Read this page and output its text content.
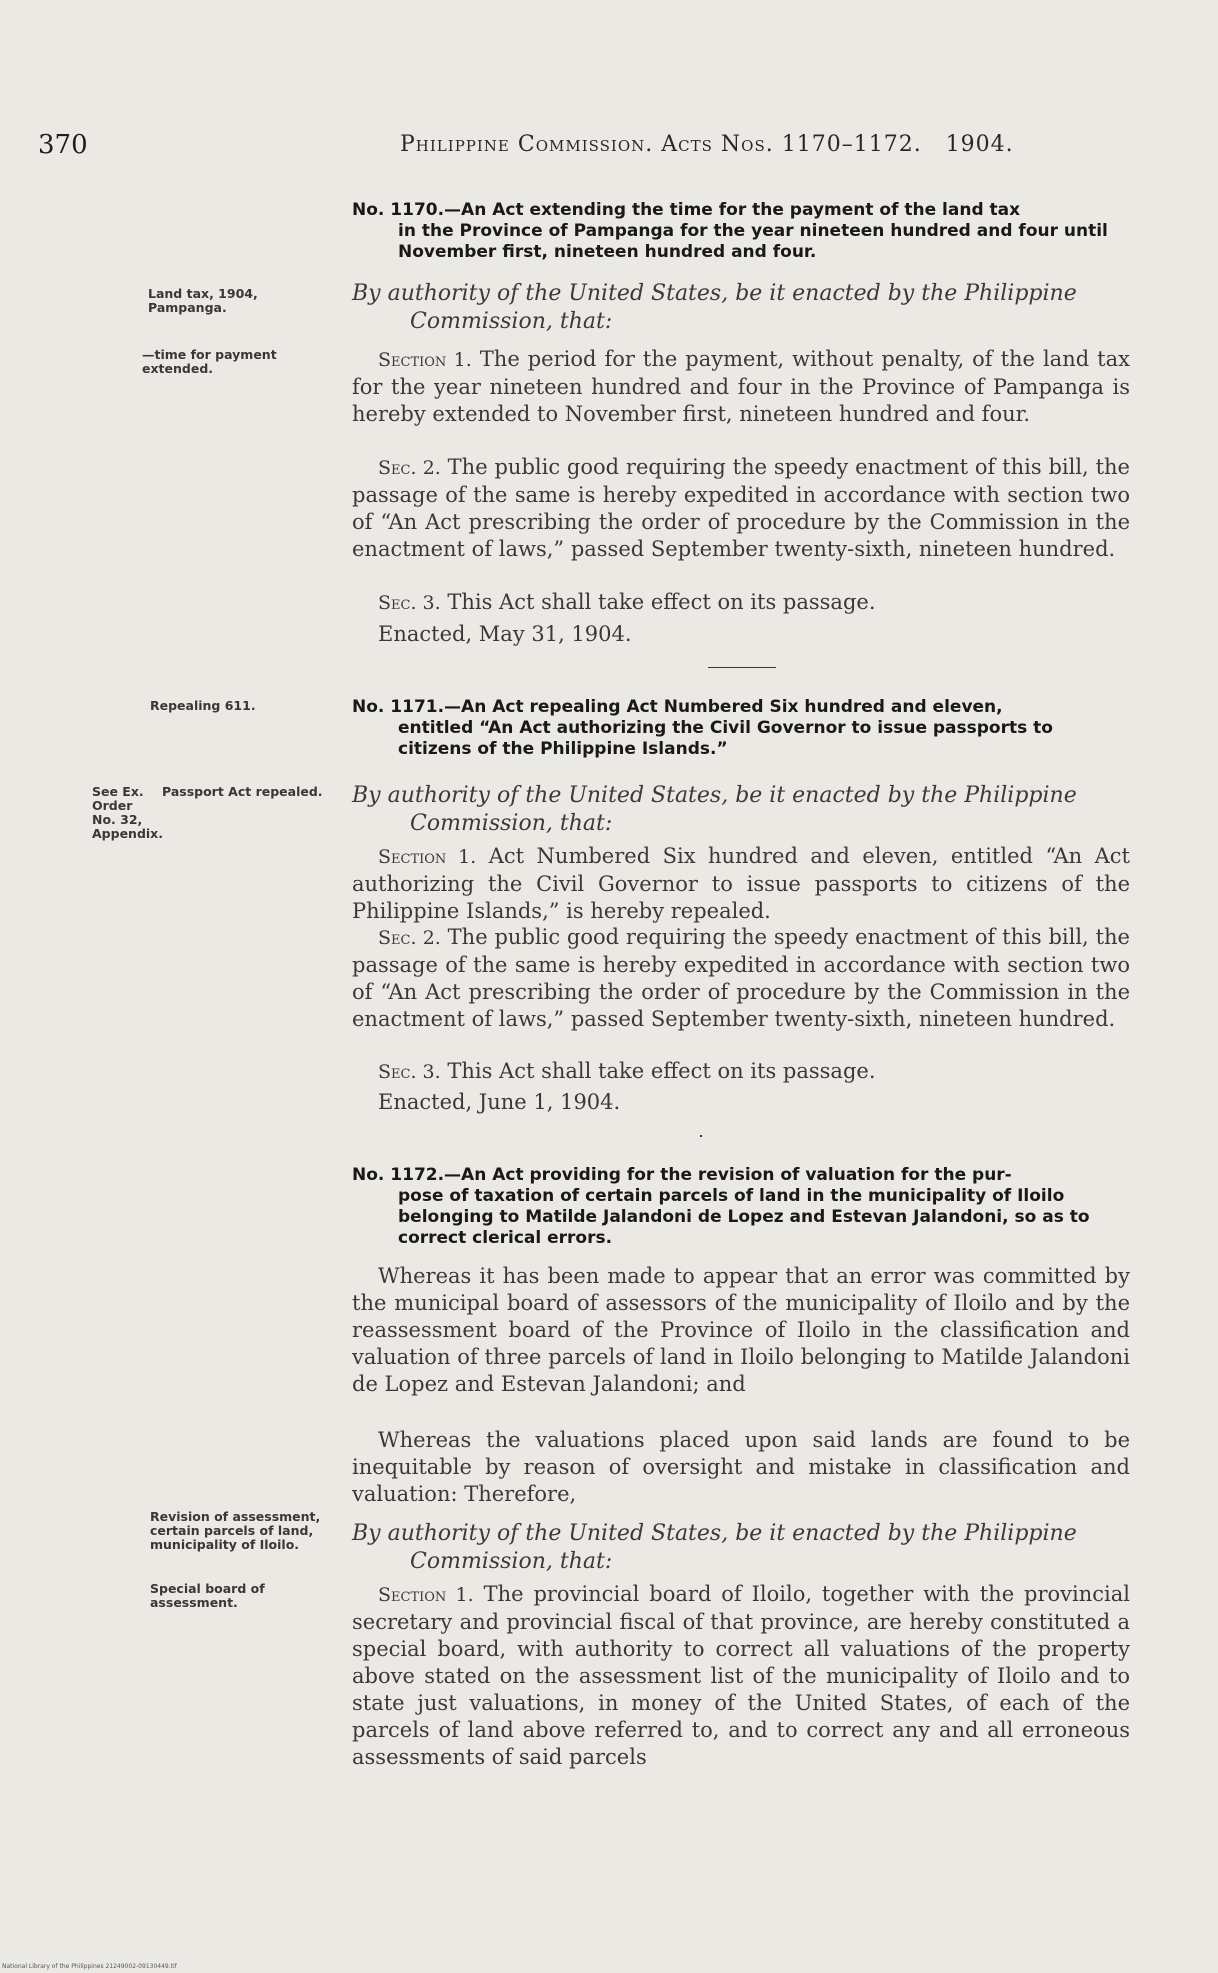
370	Philippine Commission. Acts Nos. 1170–1172. 1904.
No. 1170.—An Act extending the time for the payment of the land tax
in the Province of Pampanga for the year nineteen hundred and four until November first, nineteen hundred and four.
Land tax, 1904, Pampanga.
By authority of the United States, be it enacted by the Philippine
Commission, that:
—time for payment extended.	Section 1. The period for the payment, without penalty, of the land tax for the year nineteen hundred and four in the Province of Pampanga is hereby extended to November first, nineteen hundred and four.
Sec. 2. The public good requiring the speedy enactment of this bill, the passage of the same is hereby expedited in accordance with section two of “An Act prescribing the order of procedure by the Commission in the enactment of laws,” passed September twenty-sixth, nineteen hundred.
Sec. 3. This Act shall take effect on its passage.
Enacted, May 31, 1904.
Repealing 611.	No. 1171.—An Act repealing Act Numbered Six hundred and eleven,
entitled “An Act authorizing the Civil Governor to issue passports to citizens of the Philippine Islands.”
See Ex. Order No. 32, Appendix.
Passport Act repealed.	By authority of the United States, be it enacted by the Philippine
Commission, that:
Section 1. Act Numbered Six hundred and eleven, entitled “An Act authorizing the Civil Governor to issue passports to citizens of the Philippine Islands,” is hereby repealed.
Sec. 2. The public good requiring the speedy enactment of this bill, the passage of the same is hereby expedited in accordance with section two of “An Act prescribing the order of procedure by the Commission in the enactment of laws,” passed September twenty-sixth, nineteen hundred.
Sec. 3. This Act shall take effect on its passage.
Enacted, June 1, 1904.
No. 1172.—An Act providing for the revision of valuation for the pur-
pose of taxation of certain parcels of land in the municipality of Iloilo belonging to Matilde Jalandoni de Lopez and Estevan Jalandoni, so as to correct clerical errors.
Whereas it has been made to appear that an error was committed by the municipal board of assessors of the municipality of Iloilo and by the reassessment board of the Province of Iloilo in the classification and valuation of three parcels of land in Iloilo belonging to Matilde Jalandoni de Lopez and Estevan Jalandoni; and
Whereas the valuations placed upon said lands are found to be inequitable by reason of oversight and mistake in classification and valuation: Therefore,
Revision of assessment, certain parcels of land, municipality of Iloilo.	By authority of the United States, be it enacted by the Philippine
Commission, that:
Special board of assessment.	Section 1. The provincial board of Iloilo, together with the provincial secretary and provincial fiscal of that province, are hereby constituted a special board, with authority to correct all valuations of the property above stated on the assessment list of the municipality of Iloilo and to state just valuations, in money of the United States, of each of the parcels of land above referred to, and to correct any and all erroneous assessments of said parcels
National Library of the Philippines 21249002-09130449.tif
